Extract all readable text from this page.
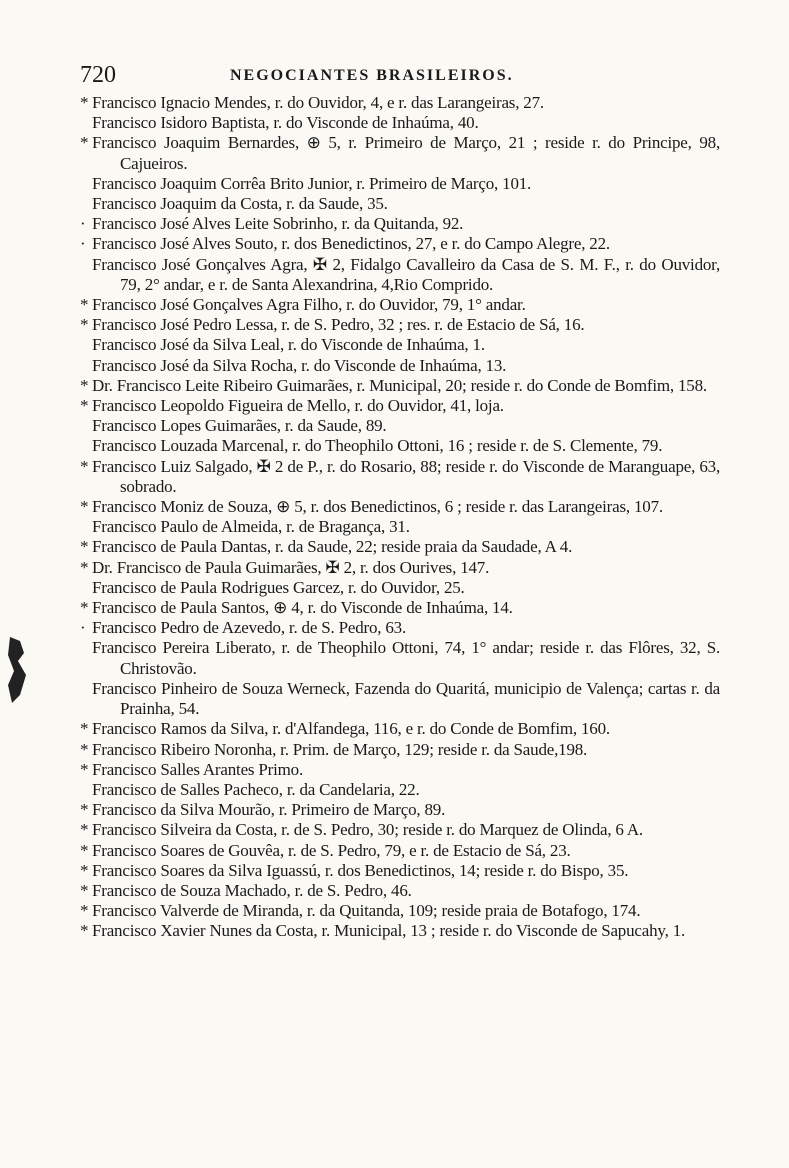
720	NEGOCIANTES BRASILEIROS.

* Francisco Ignacio Mendes, r. do Ouvidor, 4, e r. das Larangeiras, 27.

Francisco Isidoro Baptista, r. do Visconde de Inhaúma, 40.

* Francisco Joaquim Bernardes, ⊕ 5, r. Primeiro de Março, 21 ; reside r. do Principe, 98, Cajueiros.

Francisco Joaquim Corrêa Brito Junior, r. Primeiro de Março, 101.

Francisco Joaquim da Costa, r. da Saude, 35.

· Francisco José Alves Leite Sobrinho, r. da Quitanda, 92.

· Francisco José Alves Souto, r. dos Benedictinos, 27, e r. do Campo Alegre, 22.

Francisco José Gonçalves Agra, ✠ 2, Fidalgo Cavalleiro da Casa de S. M. F., r. do Ouvidor, 79, 2° andar, e r. de Santa Alexandrina, 4,Rio Comprido.

* Francisco José Gonçalves Agra Filho, r. do Ouvidor, 79, 1° andar.

* Francisco José Pedro Lessa, r. de S. Pedro, 32 ; res. r. de Estacio de Sá, 16.

Francisco José da Silva Leal, r. do Visconde de Inhaúma, 1.

Francisco José da Silva Rocha, r. do Visconde de Inhaúma, 13.

* Dr. Francisco Leite Ribeiro Guimarães, r. Municipal, 20; reside r. do Conde de Bomfim, 158.

* Francisco Leopoldo Figueira de Mello, r. do Ouvidor, 41, loja.

Francisco Lopes Guimarães, r. da Saude, 89.

Francisco Louzada Marcenal, r. do Theophilo Ottoni, 16 ; reside r. de S. Clemente, 79.

* Francisco Luiz Salgado, ✠ 2 de P., r. do Rosario, 88; reside r. do Visconde de Maranguape, 63, sobrado.

* Francisco Moniz de Souza, ⊕ 5, r. dos Benedictinos, 6 ; reside r. das Larangeiras, 107.

Francisco Paulo de Almeida, r. de Bragança, 31.

* Francisco de Paula Dantas, r. da Saude, 22; reside praia da Saudade, A 4.

* Dr. Francisco de Paula Guimarães, ✠ 2, r. dos Ourives, 147.

Francisco de Paula Rodrigues Garcez, r. do Ouvidor, 25.

* Francisco de Paula Santos, ⊕ 4, r. do Visconde de Inhaúma, 14.

· Francisco Pedro de Azevedo, r. de S. Pedro, 63.

Francisco Pereira Liberato, r. de Theophilo Ottoni, 74, 1° andar; reside r. das Flôres, 32, S. Christovão.

Francisco Pinheiro de Souza Werneck, Fazenda do Quaritá, municipio de Valença; cartas r. da Prainha, 54.

* Francisco Ramos da Silva, r. d'Alfandega, 116, e r. do Conde de Bomfim, 160.

* Francisco Ribeiro Noronha, r. Prim. de Março, 129; reside r. da Saude,198.

* Francisco Salles Arantes Primo.

Francisco de Salles Pacheco, r. da Candelaria, 22.

* Francisco da Silva Mourão, r. Primeiro de Março, 89.

* Francisco Silveira da Costa, r. de S. Pedro, 30; reside r. do Marquez de Olinda, 6 A.

* Francisco Soares de Gouvêa, r. de S. Pedro, 79, e r. de Estacio de Sá, 23.

* Francisco Soares da Silva Iguassú, r. dos Benedictinos, 14; reside r. do Bispo, 35.

* Francisco de Souza Machado, r. de S. Pedro, 46.

* Francisco Valverde de Miranda, r. da Quitanda, 109; reside praia de Botafogo, 174.

* Francisco Xavier Nunes da Costa, r. Municipal, 13 ; reside r. do Visconde de Sapucahy, 1.
